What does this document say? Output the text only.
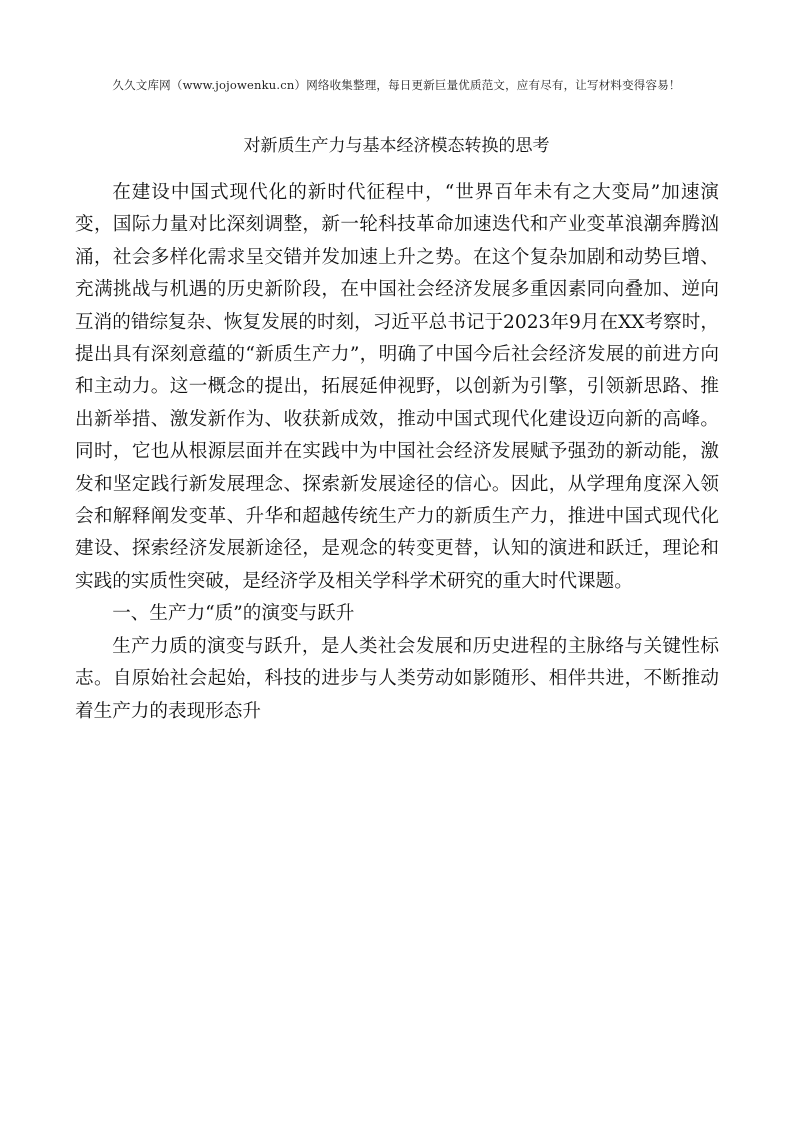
久久文库网（www.jojowenku.cn）网络收集整理，每日更新巨量优质范文，应有尽有，让写材料变得容易！
对新质生产力与基本经济模态转换的思考

在建设中国式现代化的新时代征程中，“世界百年未有之大变局”加速演变，国际力量对比深刻调整，新一轮科技革命加速迭代和产业变革浪潮奔腾汹涌，社会多样化需求呈交错并发加速上升之势。在这个复杂加剧和动势巨增、充满挑战与机遇的历史新阶段，在中国社会经济发展多重因素同向叠加、逆向互消的错综复杂、恢复发展的时刻，习近平总书记于2023年9月在XX考察时，提出具有深刻意蕴的“新质生产力”，明确了中国今后社会经济发展的前进方向和主动力。这一概念的提出，拓展延伸视野，以创新为引擎，引领新思路、推出新举措、激发新作为、收获新成效，推动中国式现代化建设迈向新的高峰。同时，它也从根源层面并在实践中为中国社会经济发展赋予强劲的新动能，激发和坚定践行新发展理念、探索新发展途径的信心。因此，从学理角度深入领会和解释阐发变革、升华和超越传统生产力的新质生产力，推进中国式现代化建设、探索经济发展新途径，是观念的转变更替，认知的演进和跃迁，理论和实践的实质性突破，是经济学及相关学科学术研究的重大时代课题。

一、生产力“质”的演变与跃升

生产力质的演变与跃升，是人类社会发展和历史进程的主脉络与关键性标志。自原始社会起始，科技的进步与人类劳动如影随形、相伴共进，不断推动着生产力的表现形态升
